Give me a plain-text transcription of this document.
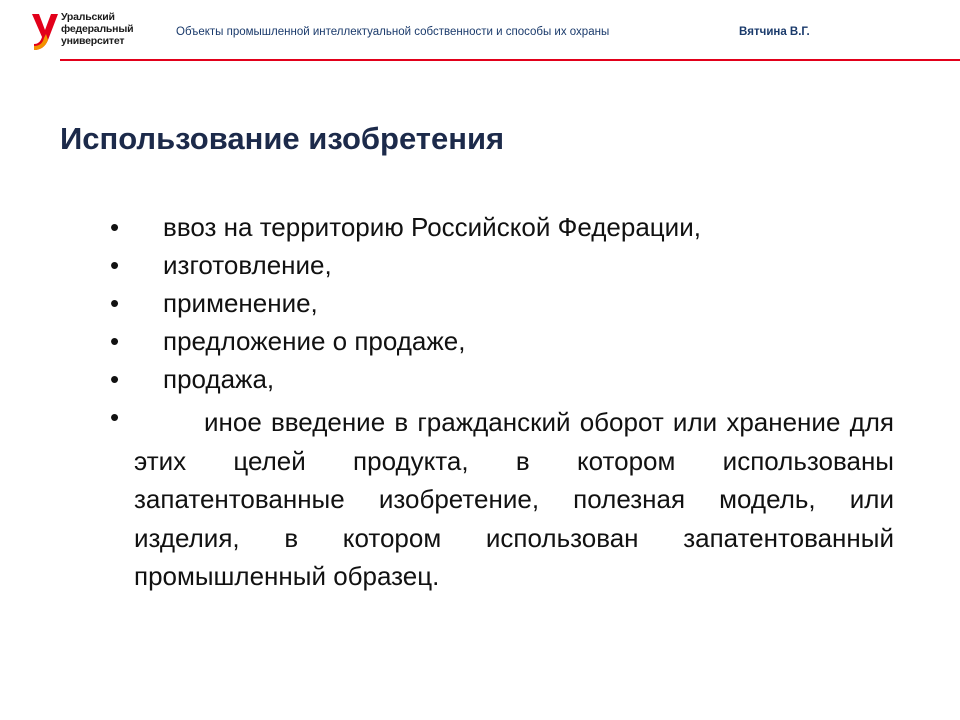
Уральский
федеральный
университет
Объекты промышленной интеллектуальной собственности и способы их охраны	Вятчина В.Г.
Использование изобретения
• ввоз на территорию Российской Федерации,
• изготовление,
• применение,
• предложение о продаже,
• продажа,
•	иное введение в гражданский оборот или хранение для этих целей продукта, в котором использованы запатентованные изобретение, полезная модель, или изделия, в котором использован запатентованный промышленный образец.
